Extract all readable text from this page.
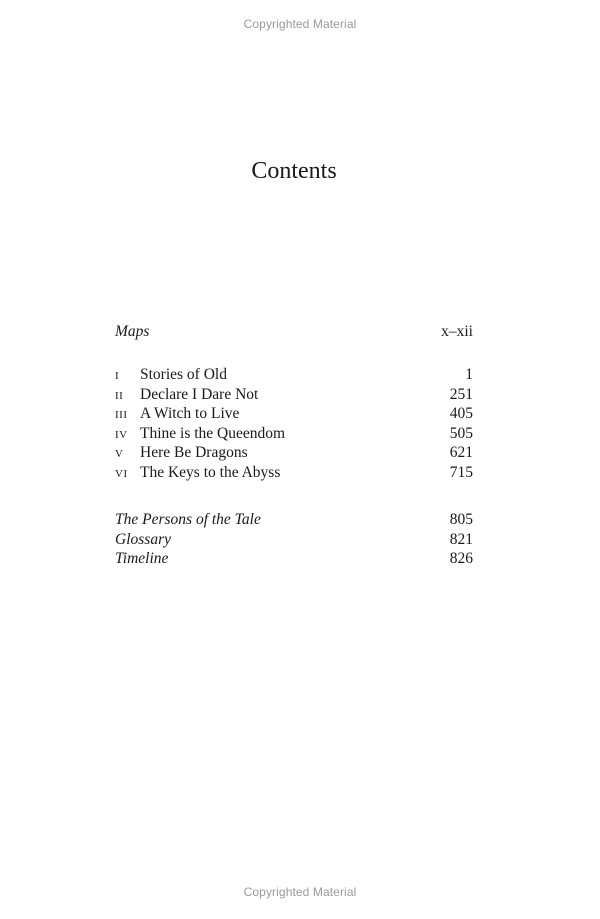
Copyrighted Material
Contents
Maps	x–xii
I Stories of Old	1
II Declare I Dare Not	251
III A Witch to Live	405
IV Thine is the Queendom	505
V Here Be Dragons	621
VI The Keys to the Abyss	715
The Persons of the Tale	805
Glossary	821
Timeline	826
Copyrighted Material
